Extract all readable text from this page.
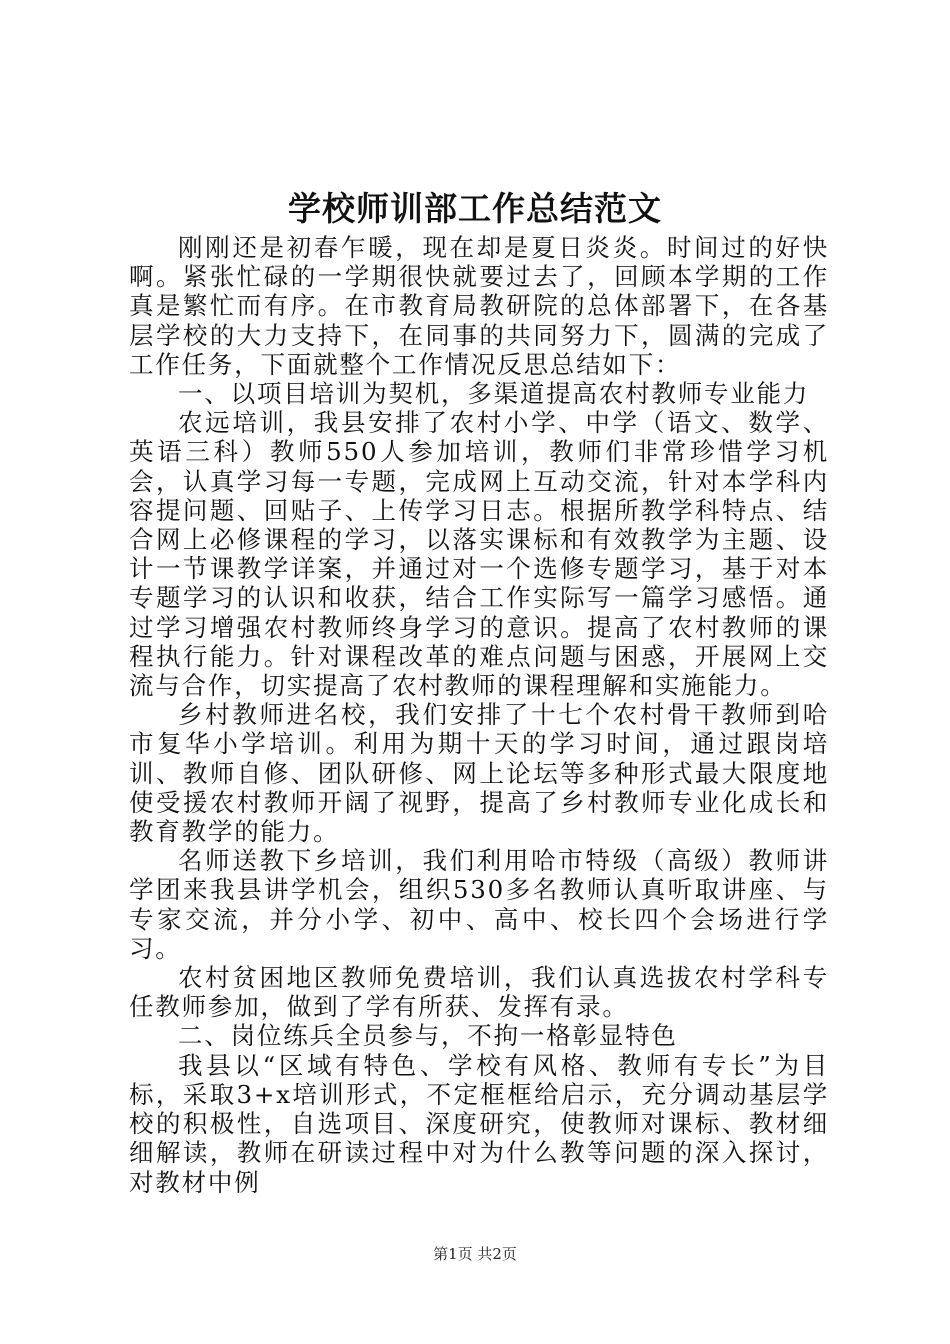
学校师训部工作总结范文

刚刚还是初春乍暖，现在却是夏日炎炎。时间过的好快啊。紧张忙碌的一学期很快就要过去了，回顾本学期的工作真是繁忙而有序。在市教育局教研院的总体部署下，在各基层学校的大力支持下，在同事的共同努力下，圆满的完成了工作任务，下面就整个工作情况反思总结如下：

一、以项目培训为契机，多渠道提高农村教师专业能力

农远培训，我县安排了农村小学、中学（语文、数学、英语三科）教师550人参加培训，教师们非常珍惜学习机会，认真学习每一专题，完成网上互动交流，针对本学科内容提问题、回贴子、上传学习日志。根据所教学科特点、结合网上必修课程的学习，以落实课标和有效教学为主题、设计一节课教学详案，并通过对一个选修专题学习，基于对本专题学习的认识和收获，结合工作实际写一篇学习感悟。通过学习增强农村教师终身学习的意识。提高了农村教师的课程执行能力。针对课程改革的难点问题与困惑，开展网上交流与合作，切实提高了农村教师的课程理解和实施能力。

乡村教师进名校，我们安排了十七个农村骨干教师到哈市复华小学培训。利用为期十天的学习时间，通过跟岗培训、教师自修、团队研修、网上论坛等多种形式最大限度地使受援农村教师开阔了视野，提高了乡村教师专业化成长和教育教学的能力。

名师送教下乡培训，我们利用哈市特级（高级）教师讲学团来我县讲学机会，组织530多名教师认真听取讲座、与专家交流，并分小学、初中、高中、校长四个会场进行学习。

农村贫困地区教师免费培训，我们认真选拔农村学科专任教师参加，做到了学有所获、发挥有录。

二、岗位练兵全员参与，不拘一格彰显特色

我县以“区域有特色、学校有风格、教师有专长”为目标，采取3+x培训形式，不定框框给启示，充分调动基层学校的积极性，自选项目、深度研究，使教师对课标、教材细细解读，教师在研读过程中对为什么教等问题的深入探讨，对教材中例

第1页 共2页
